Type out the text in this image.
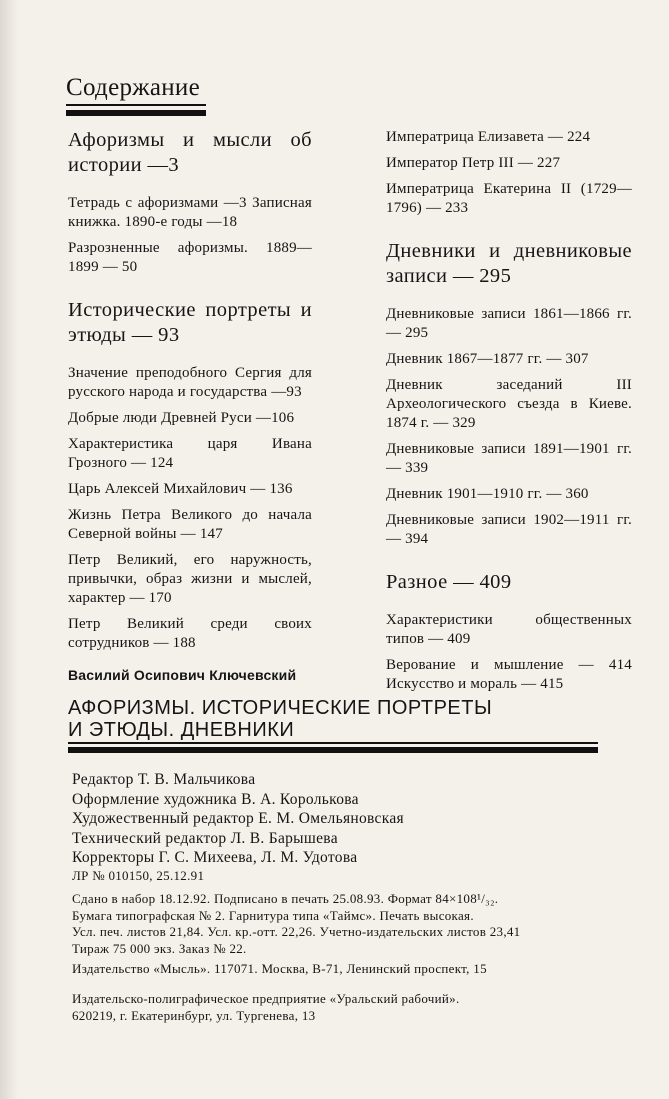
Содержание
Афоризмы и мысли об истории —3
Тетрадь с афоризмами —3 Записная книжка. 1890-е годы —18
Разрозненные афоризмы. 1889—1899 — 50
Исторические портреты и этюды — 93
Значение преподобного Сергия для русского народа и государства —93
Добрые люди Древней Руси —106
Характеристика царя Ивана Грозного — 124
Царь Алексей Михайлович — 136
Жизнь Петра Великого до начала Северной войны — 147
Петр Великий, его наружность, привычки, образ жизни и мыслей, характер — 170
Петр Великий среди своих сотрудников — 188
Императрица Елизавета — 224
Император Петр III — 227
Императрица Екатерина II (1729—1796) — 233
Дневники и дневниковые записи — 295
Дневниковые записи 1861—1866 гг. — 295
Дневник 1867—1877 гг. — 307
Дневник заседаний III Археологического съезда в Киеве. 1874 г. — 329
Дневниковые записи 1891—1901 гг. — 339
Дневник 1901—1910 гг. — 360
Дневниковые записи 1902—1911 гг. — 394
Разное — 409
Характеристики общественных типов — 409
Верование и мышление — 414 Искусство и мораль — 415
Василий Осипович Ключевский
АФОРИЗМЫ. ИСТОРИЧЕСКИЕ ПОРТРЕТЫ
И ЭТЮДЫ. ДНЕВНИКИ
Редактор Т. В. Мальчикова
Оформление художника В. А. Королькова
Художественный редактор Е. М. Омельяновская
Технический редактор Л. В. Барышева
Корректоры Г. С. Михеева, Л. М. Удотова
ЛР № 010150, 25.12.91
Сдано в набор 18.12.92. Подписано в печать 25.08.93. Формат 84×108¹/₃₂.
Бумага типографская № 2. Гарнитура типа «Таймс». Печать высокая.
Усл. печ. листов 21,84. Усл. кр.-отт. 22,26. Учетно-издательских листов 23,41
Тираж 75 000 экз. Заказ № 22.
Издательство «Мысль». 117071. Москва, В-71, Ленинский проспект, 15
Издательско-полиграфическое предприятие «Уральский рабочий».
620219, г. Екатеринбург, ул. Тургенева, 13
